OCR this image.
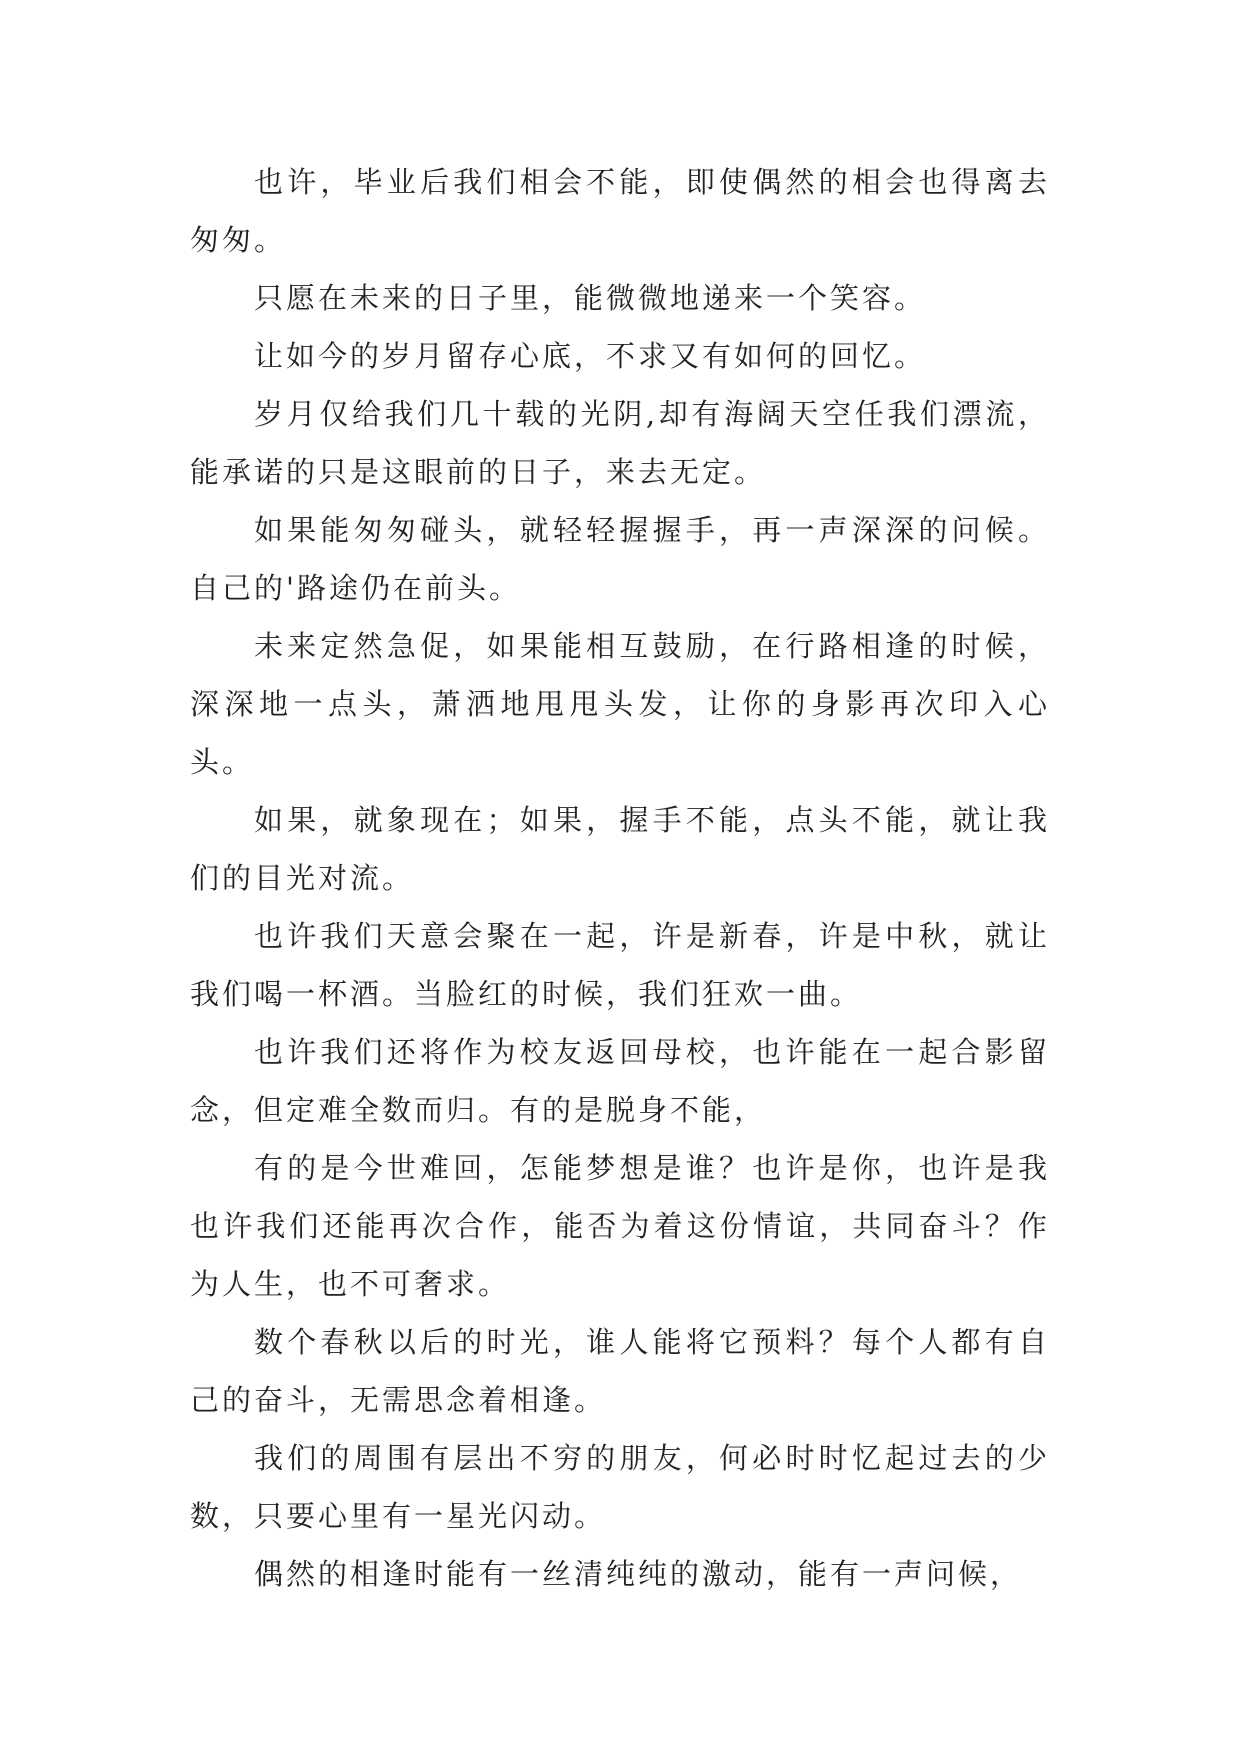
也许，毕业后我们相会不能，即使偶然的相会也得离去匆匆。

只愿在未来的日子里，能微微地递来一个笑容。

让如今的岁月留存心底，不求又有如何的回忆。

岁月仅给我们几十载的光阴,却有海阔天空任我们漂流，能承诺的只是这眼前的日子，来去无定。

如果能匆匆碰头，就轻轻握握手，再一声深深的问候。自己的'路途仍在前头。

未来定然急促，如果能相互鼓励，在行路相逢的时候，深深地一点头，萧洒地甩甩头发，让你的身影再次印入心头。

如果，就象现在；如果，握手不能，点头不能，就让我们的目光对流。

也许我们天意会聚在一起，许是新春，许是中秋，就让我们喝一杯酒。当脸红的时候，我们狂欢一曲。

也许我们还将作为校友返回母校，也许能在一起合影留念，但定难全数而归。有的是脱身不能，

有的是今世难回，怎能梦想是谁？也许是你，也许是我也许我们还能再次合作，能否为着这份情谊，共同奋斗？作为人生，也不可奢求。

数个春秋以后的时光，谁人能将它预料？每个人都有自己的奋斗，无需思念着相逢。

我们的周围有层出不穷的朋友，何必时时忆起过去的少数，只要心里有一星光闪动。

偶然的相逢时能有一丝清纯纯的激动，能有一声问候，
